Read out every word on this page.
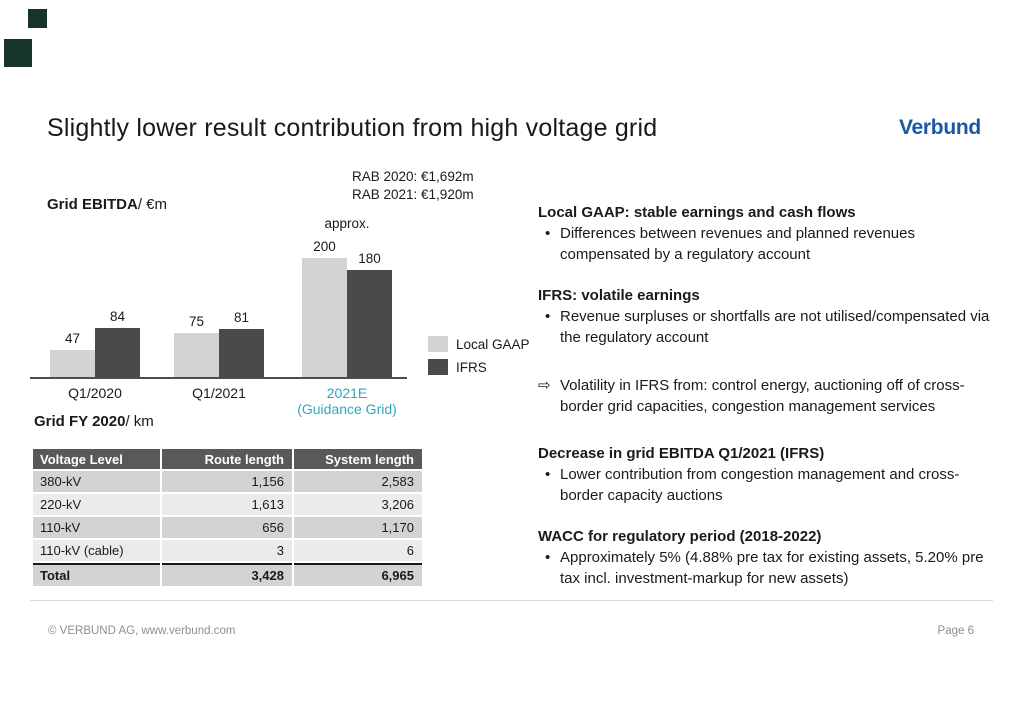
Slightly lower result contribution from high voltage grid	Verbund
Grid EBITDA/ €m
RAB 2020: €1,692m
RAB 2021: €1,920m
approx.
47
75
200
84	81
180
Q1/2020	Q1/2021	2021E
(Guidance Grid)
Local GAAP
IFRS
Grid FY 2020/ km
Voltage Level	Route length	System length
380-kV	1,156	2,583
220-kV	1,613	3,206
110-kV	656	1,170
110-kV (cable)	3	6
Total	3,428	6,965
Local GAAP: stable earnings and cash flows
• Differences between revenues and planned revenues compensated by a regulatory account
IFRS: volatile earnings
• Revenue surpluses or shortfalls are not utilised/compensated via the regulatory account
⇨ Volatility in IFRS from: control energy, auctioning off of cross-border grid capacities, congestion management services
Decrease in grid EBITDA Q1/2021 (IFRS)
• Lower contribution from congestion management and cross-border capacity auctions
WACC for regulatory period (2018-2022)
• Approximately 5% (4.88% pre tax for existing assets, 5.20% pre tax incl. investment-markup for new assets)
© VERBUND AG, www.verbund.com	Page 6
